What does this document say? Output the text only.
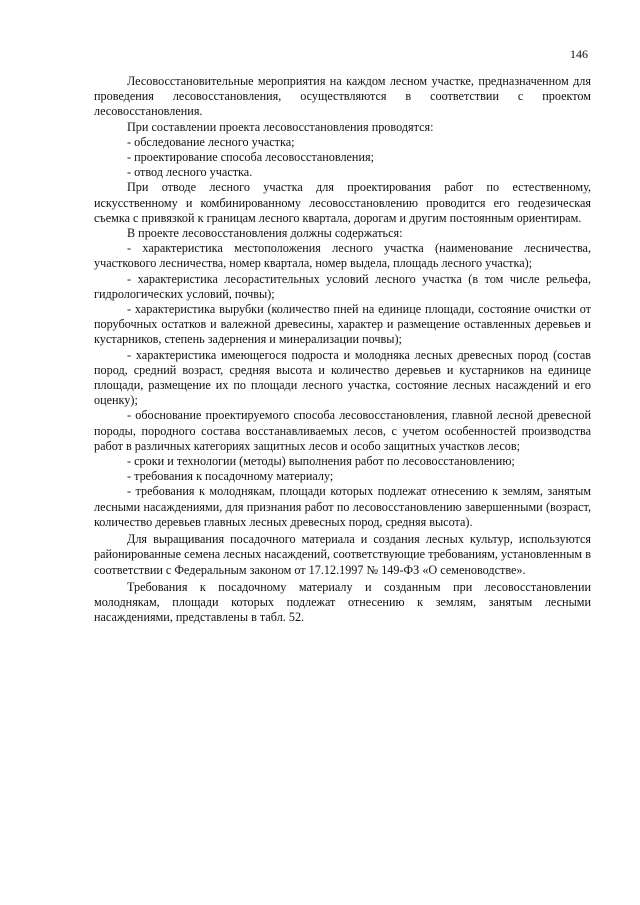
146

Лесовосстановительные мероприятия на каждом лесном участке, предназначенном для проведения лесовосстановления, осуществляются в соответствии с проектом лесовосстановления.

При составлении проекта лесовосстановления проводятся:

- обследование лесного участка;

- проектирование способа лесовосстановления;

- отвод лесного участка.

При отводе лесного участка для проектирования работ по естественному, искусственному и комбинированному лесовосстановлению проводится его геодезическая съемка с привязкой к границам лесного квартала, дорогам и другим постоянным ориентирам.

В проекте лесовосстановления должны содержаться:

- характеристика местоположения лесного участка (наименование лесничества, участкового лесничества, номер квартала, номер выдела, площадь лесного участка);

- характеристика лесорастительных условий лесного участка (в том числе рельефа, гидрологических условий, почвы);

- характеристика вырубки (количество пней на единице площади, состояние очистки от порубочных остатков и валежной древесины, характер и размещение оставленных деревьев и кустарников, степень задернения и минерализации почвы);

- характеристика имеющегося подроста и молодняка лесных древесных пород (состав пород, средний возраст, средняя высота и количество деревьев и кустарников на единице площади, размещение их по площади лесного участка, состояние лесных насаждений и его оценку);

- обоснование проектируемого способа лесовосстановления, главной лесной древесной породы, породного состава восстанавливаемых лесов, с учетом особенностей производства работ в различных категориях защитных лесов и особо защитных участков лесов;

- сроки и технологии (методы) выполнения работ по лесовосстановлению;

- требования к посадочному материалу;

- требования к молоднякам, площади которых подлежат отнесению к землям, занятым лесными насаждениями, для признания работ по лесовосстановлению завершенными (возраст, количество деревьев главных лесных древесных пород, средняя высота).

Для выращивания посадочного материала и создания лесных культур, используются районированные семена лесных насаждений, соответствующие требованиям, установленным в соответствии с Федеральным законом от 17.12.1997 № 149-ФЗ «О семеноводстве».

Требования к посадочному материалу и созданным при лесовосстановлении молоднякам, площади которых подлежат отнесению к землям, занятым лесными насаждениями, представлены в табл. 52.
